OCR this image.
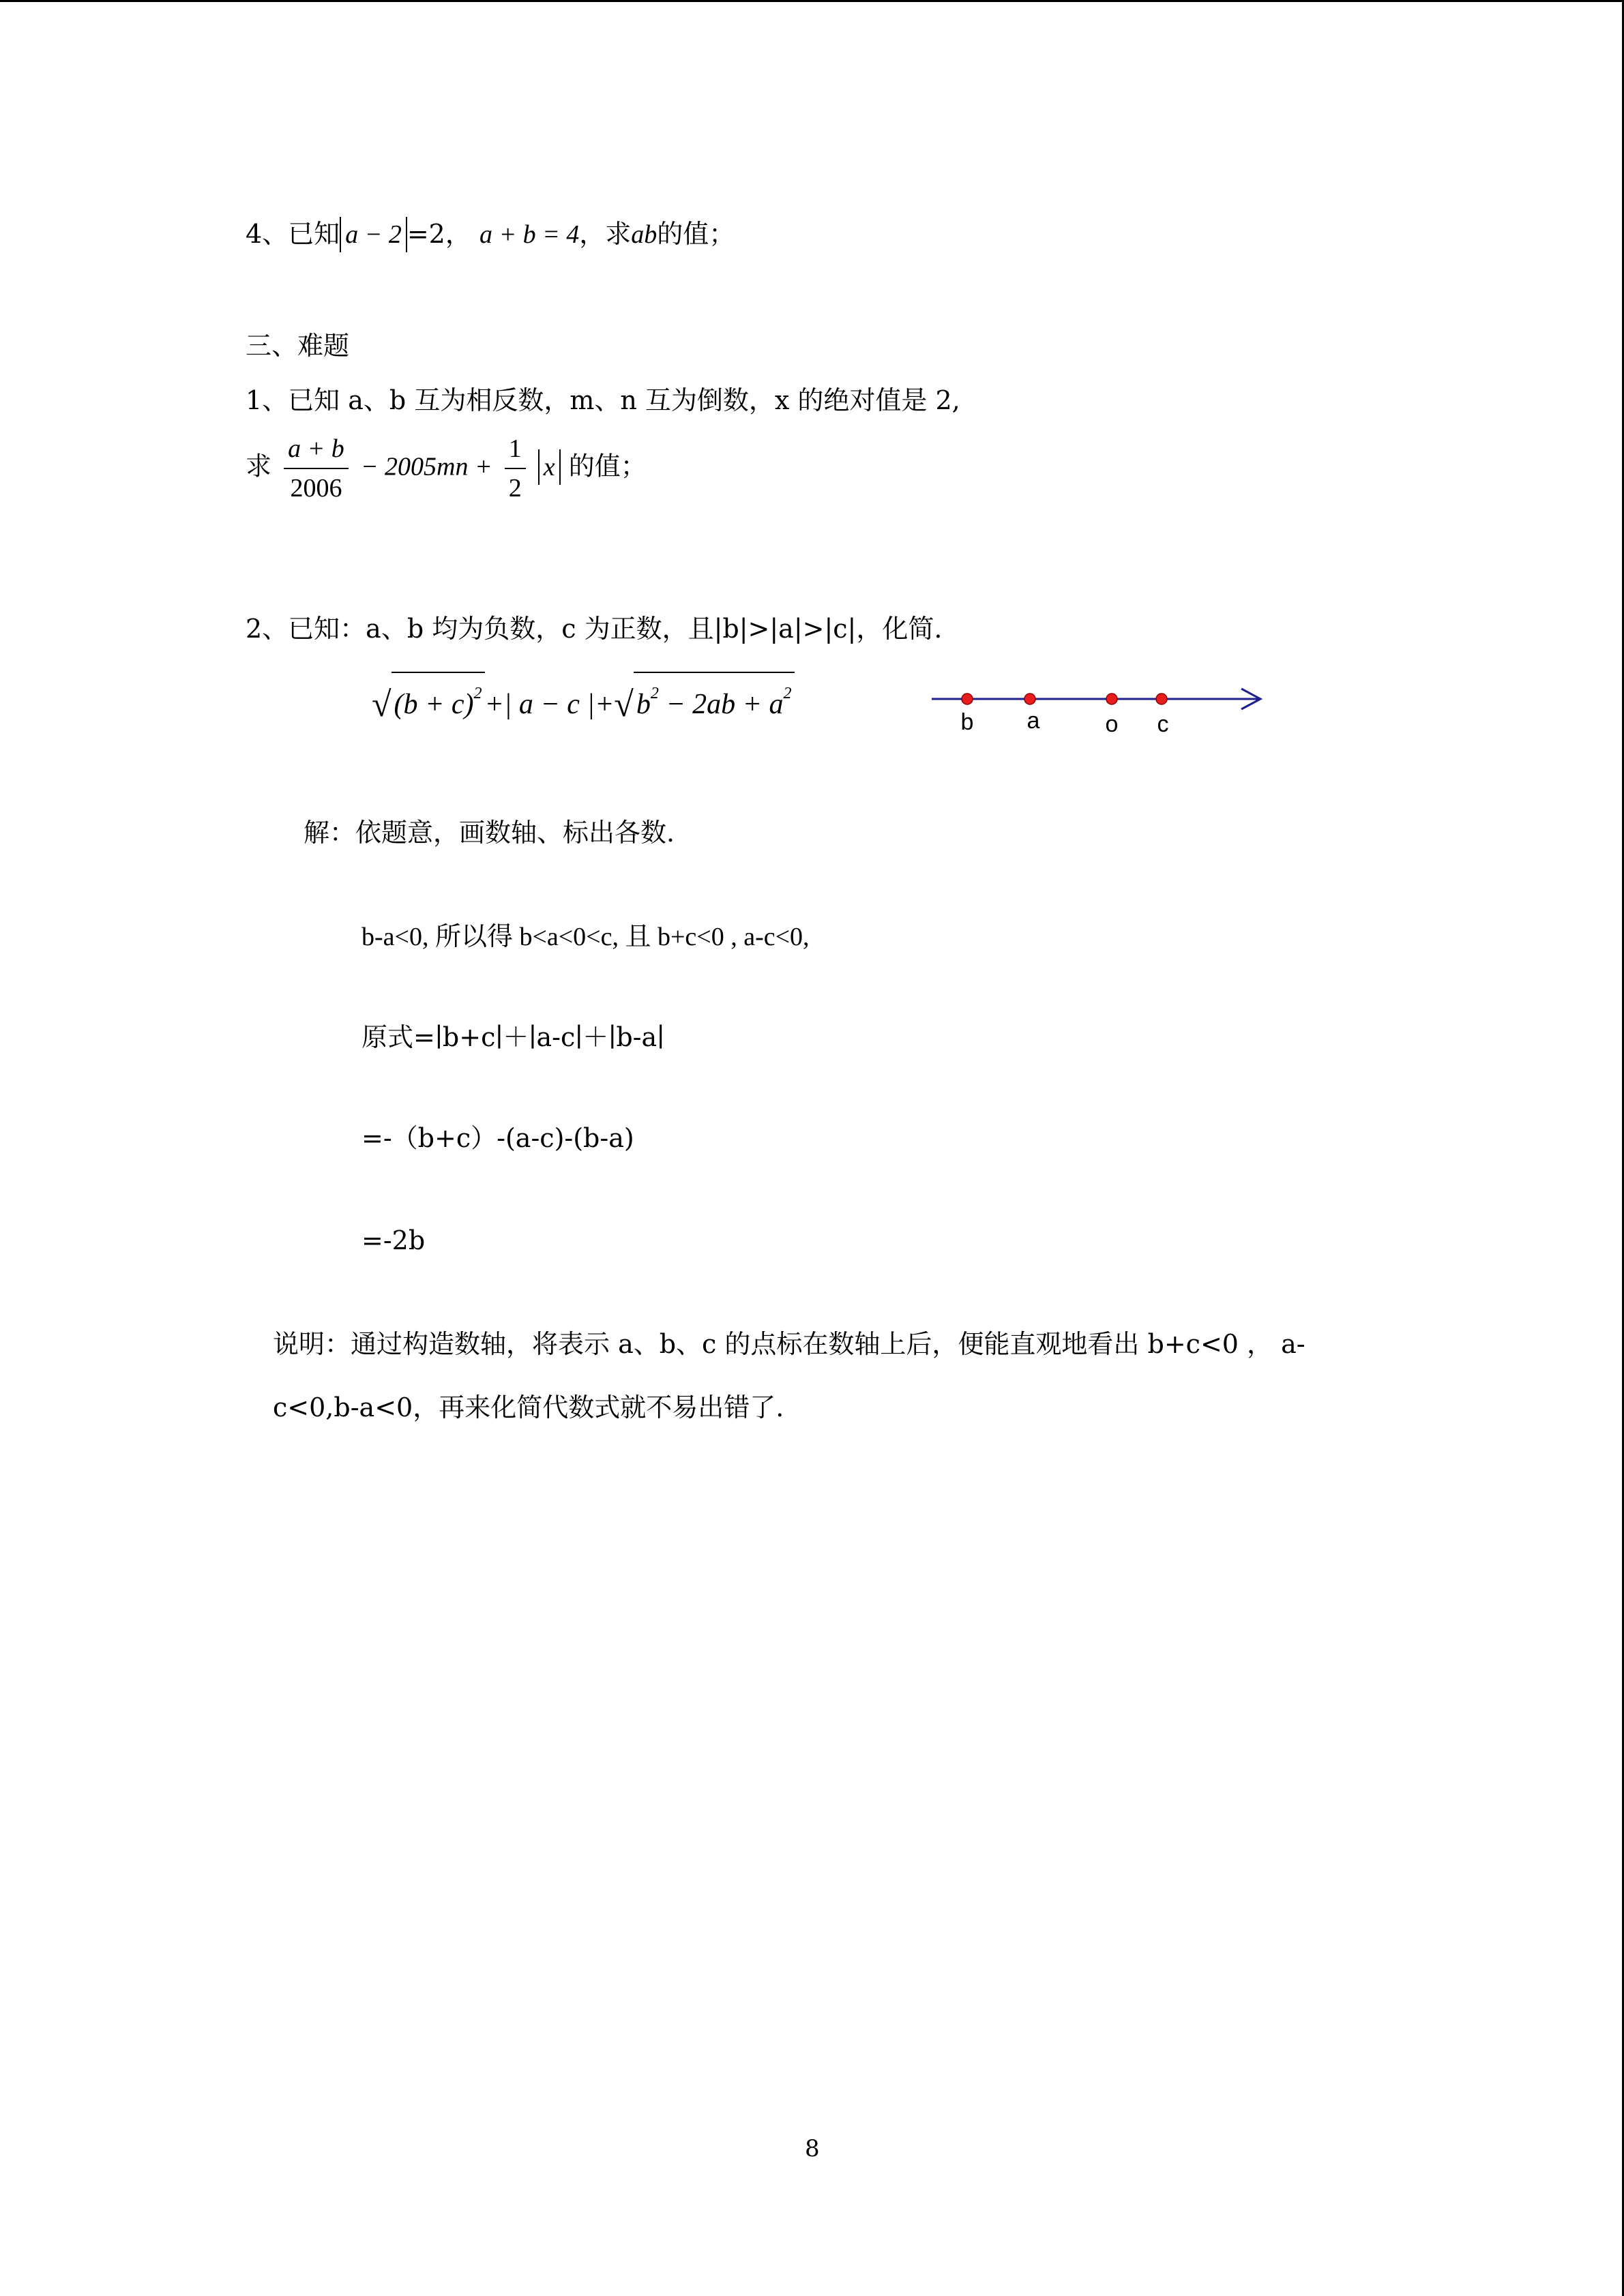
4、已知 a − 2 =2， a + b = 4，求ab的值；
三、难题
1、已知 a、b 互为相反数，m、n 互为倒数，x 的绝对值是 2,
求 $\frac{a + b}{2006} - 2005mn + \frac{1}{2}$ x 的值；
2、已知：a、b 均为负数，c 为正数，且|b|>|a|>|c|，化简.
$√(b + c)^2+|$ a − c $|+√b^2 - 2ab + a^2$
b a	o c
解：依题意，画数轴、标出各数.
b-a<0, 所以得 b<a<0<c, 且 b+c<0 , a-c<0,
原式=∣b+c∣＋∣a-c∣＋∣b-a∣
=-（b+c）-(a-c)-(b-a)
=-2b
说明：通过构造数轴，将表示 a、b、c 的点标在数轴上后，便能直观地看出 b+c<0 ， a-
c<0,b-a<0，再来化简代数式就不易出错了.
8
